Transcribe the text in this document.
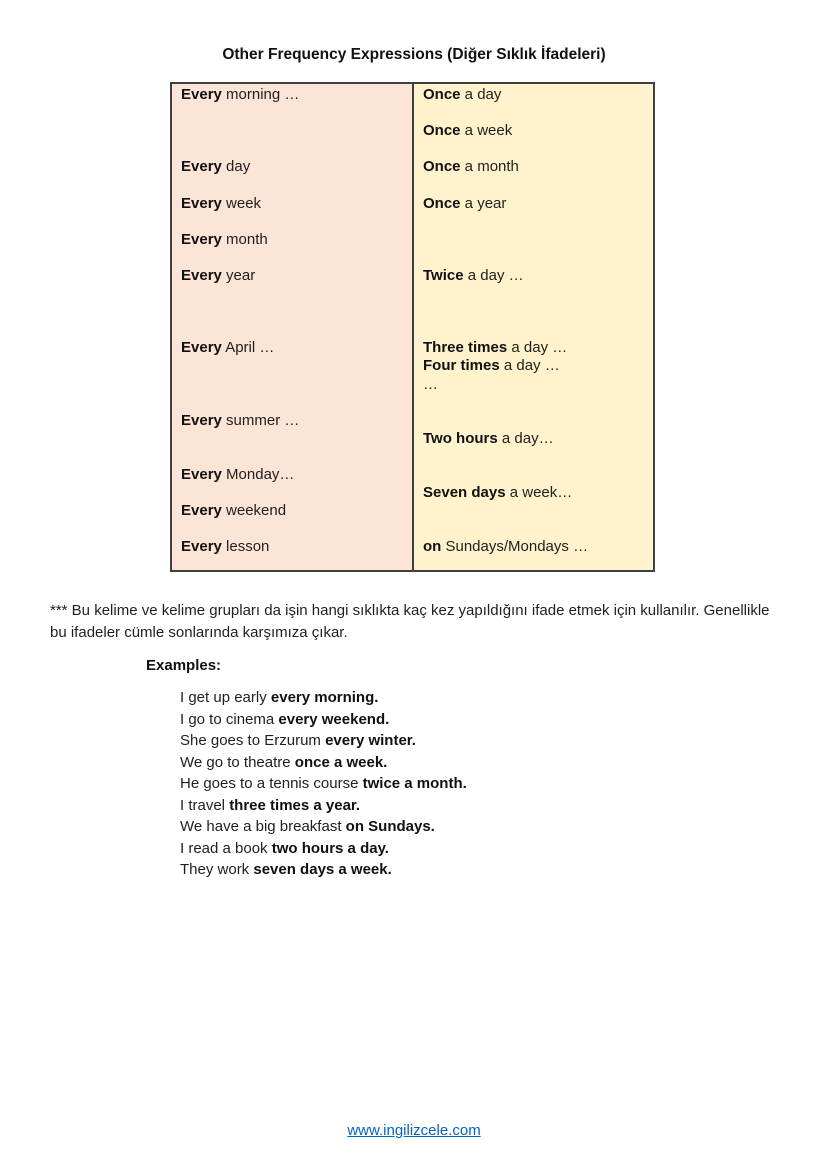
Other Frequency Expressions (Diğer Sıklık İfadeleri)
Every morning …

Every day

Every week

Every month

Every year

Every April …

Every summer …

Every Monday…

Every weekend

Every lesson
Once a day

Once a week

Once a month

Once a year

Twice a day …

Three times a day …
Four times a day …
…

Two hours a day…

Seven days a week…

on Sundays/Mondays …

*** Bu kelime ve kelime grupları da işin hangi sıklıkta kaç kez yapıldığını ifade etmek için kullanılır. Genellikle bu ifadeler cümle sonlarında karşımıza çıkar.

Examples:
I get up early every morning.
I go to cinema every weekend.
She goes to Erzurum every winter.
We go to theatre once a week.
He goes to a tennis course twice a month.
I travel three times a year.
We have a big breakfast on Sundays.
I read a book two hours a day.
They work seven days a week.
www.ingilizcele.com
